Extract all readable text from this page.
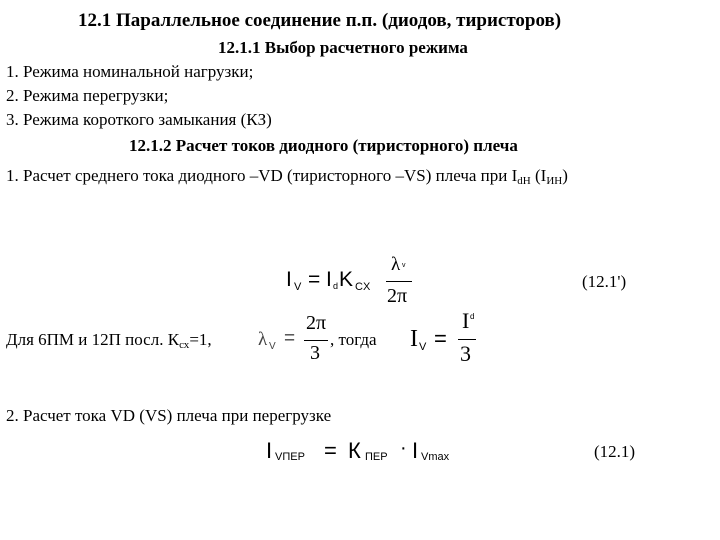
12.1 Параллельное соединение п.п. (диодов, тиристоров)
12.1.1 Выбор расчетного режима
1. Режима номинальной нагрузки;
2. Режима перегрузки;
3. Режима короткого замыкания (КЗ)
12.1.2 Расчет токов диодного (тиристорного) плеча
1. Расчет среднего тока диодного –VD (тиристорного –VS) плеча при $I_{dН}$ $(I_{ИН})$
I V = I d K CX
λ v
2π
(12.1')
Для 6ПМ и 12П посл. $К_{сх}=1$, λ V =
2π
3
, тогда I V =
I d
3
2. Расчет тока VD (VS) плеча при перегрузке
I VПЕР = К ПЕР · I Vmax	(12.1)
